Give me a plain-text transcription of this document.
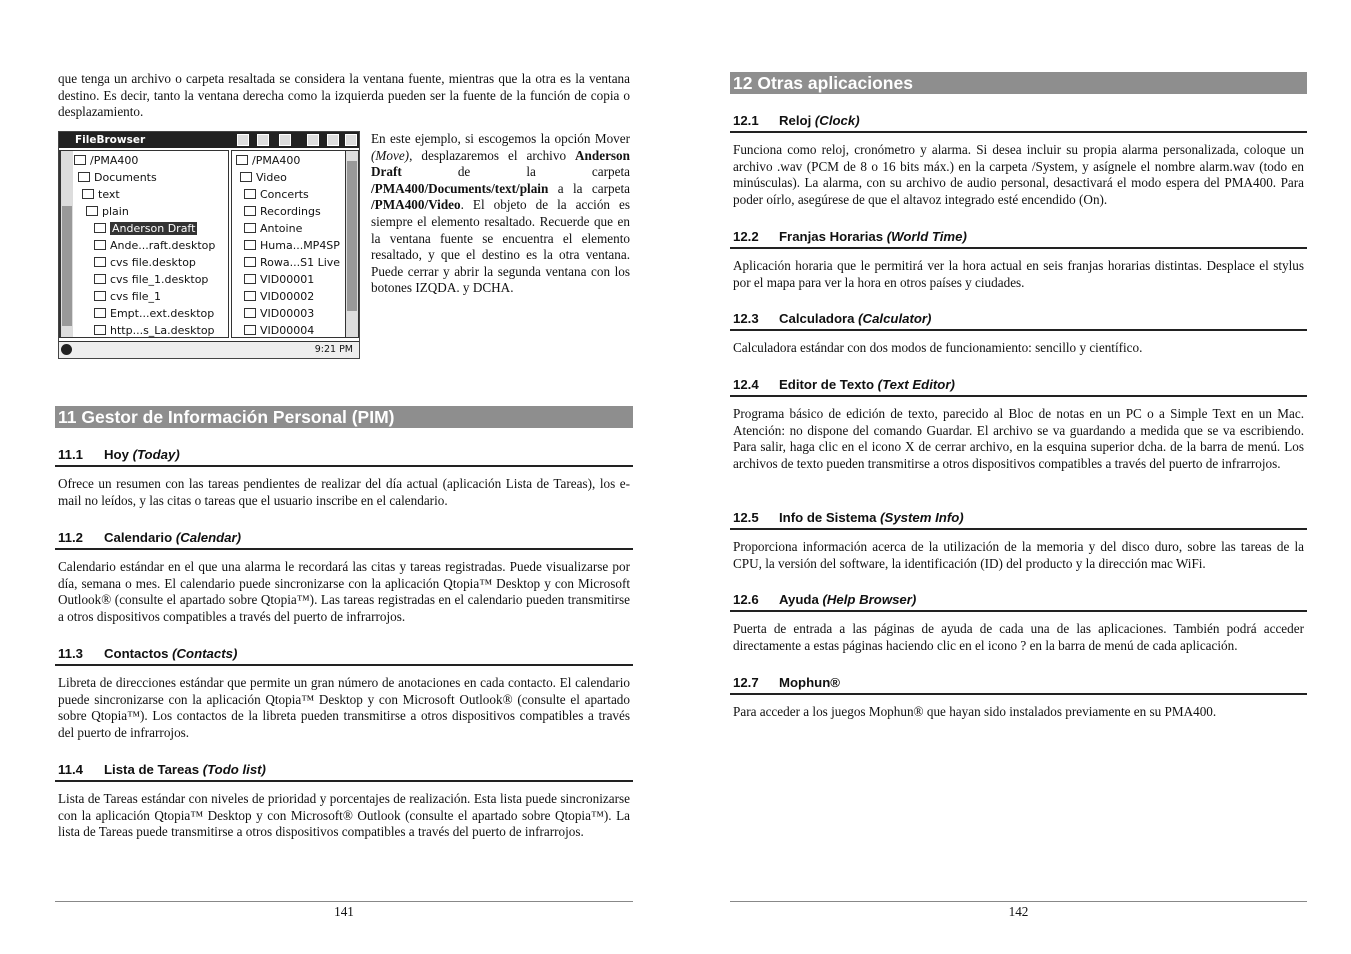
que tenga un archivo o carpeta resaltada se considera la ventana fuente, mientras que la otra es la ventana destino. Es decir, tanto la ventana derecha como la izquierda pueden ser la fuente de la función de copia o desplazamiento.

FileBrowser
/PMA400
Documents
text
plain
Anderson Draft
Ande...raft.desktop
cvs file.desktop
cvs file_1.desktop
cvs file_1
Empt...ext.desktop
http...s_La.desktop
/PMA400
Video
Concerts
Recordings
Antoine
Huma...MP4SP
Rowa...S1 Live
VID00001
VID00002
VID00003
VID00004
9:21 PM
En este ejemplo, si escogemos la opción Mover (Move), desplazaremos el archivo Anderson Draft de la carpeta /PMA400/Documents/text/plain a la carpeta /PMA400/Video. El objeto de la acción es siempre el elemento resaltado. Recuerde que en la ventana fuente se encuentra el elemento resaltado, y que el destino es la otra ventana. Puede cerrar y abrir la segunda ventana con los botones IZQDA. y DCHA.
11 Gestor de Información Personal (PIM)
11.1 Hoy (Today)

Ofrece un resumen con las tareas pendientes de realizar del día actual (aplicación Lista de Tareas), los e-mail no leídos, y las citas o tareas que el usuario inscribe en el calendario.

11.2 Calendario (Calendar)

Calendario estándar en el que una alarma le recordará las citas y tareas registradas. Puede visualizarse por día, semana o mes. El calendario puede sincronizarse con la aplicación Qtopia™ Desktop y con Microsoft Outlook® (consulte el apartado sobre Qtopia™). Las tareas registradas en el calendario pueden transmitirse a otros dispositivos compatibles a través del puerto de infrarrojos.

11.3 Contactos (Contacts)

Libreta de direcciones estándar que permite un gran número de anotaciones en cada contacto. El calendario puede sincronizarse con la aplicación Qtopia™ Desktop y con Microsoft Outlook® (consulte el apartado sobre Qtopia™). Los contactos de la libreta pueden transmitirse a otros dispositivos compatibles a través del puerto de infrarrojos.

11.4 Lista de Tareas (Todo list)

Lista de Tareas estándar con niveles de prioridad y porcentajes de realización. Esta lista puede sincronizarse con la aplicación Qtopia™ Desktop y con Microsoft® Outlook (consulte el apartado sobre Qtopia™). La lista de Tareas puede transmitirse a otros dispositivos compatibles a través del puerto de infrarrojos.

141
12 Otras aplicaciones
12.1 Reloj (Clock)

Funciona como reloj, cronómetro y alarma. Si desea incluir su propia alarma personalizada, coloque un archivo .wav (PCM de 8 o 16 bits máx.) en la carpeta /System, y asígnele el nombre alarm.wav (todo en minúsculas). La alarma, con su archivo de audio personal, desactivará el modo espera del PMA400. Para poder oírlo, asegúrese de que el altavoz integrado esté encendido (On).

12.2 Franjas Horarias (World Time)

Aplicación horaria que le permitirá ver la hora actual en seis franjas horarias distintas. Desplace el stylus por el mapa para ver la hora en otros países y ciudades.

12.3 Calculadora (Calculator)

Calculadora estándar con dos modos de funcionamiento: sencillo y científico.

12.4 Editor de Texto (Text Editor)

Programa básico de edición de texto, parecido al Bloc de notas en un PC o a Simple Text en un Mac. Atención: no dispone del comando Guardar. El archivo se va guardando a medida que se va escribiendo. Para salir, haga clic en el icono X de cerrar archivo, en la esquina superior dcha. de la barra de menú. Los archivos de texto pueden transmitirse a otros dispositivos compatibles a través del puerto de infrarrojos.

12.5 Info de Sistema (System Info)

Proporciona información acerca de la utilización de la memoria y del disco duro, sobre las tareas de la CPU, la versión del software, la identificación (ID) del producto y la dirección mac WiFi.

12.6 Ayuda (Help Browser)

Puerta de entrada a las páginas de ayuda de cada una de las aplicaciones. También podrá acceder directamente a estas páginas haciendo clic en el icono ? en la barra de menú de cada aplicación.

12.7 Mophun®

Para acceder a los juegos Mophun® que hayan sido instalados previamente en su PMA400.

142
